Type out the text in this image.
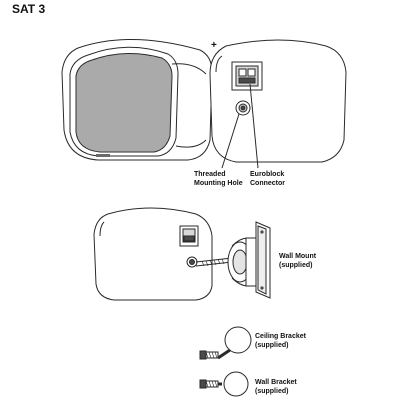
SAT 3
+
Threaded
Mounting Hole
Euroblock
Connector
Wall Mount
(supplied)
Ceiling Bracket
(supplied)
Wall Bracket
(supplied)
